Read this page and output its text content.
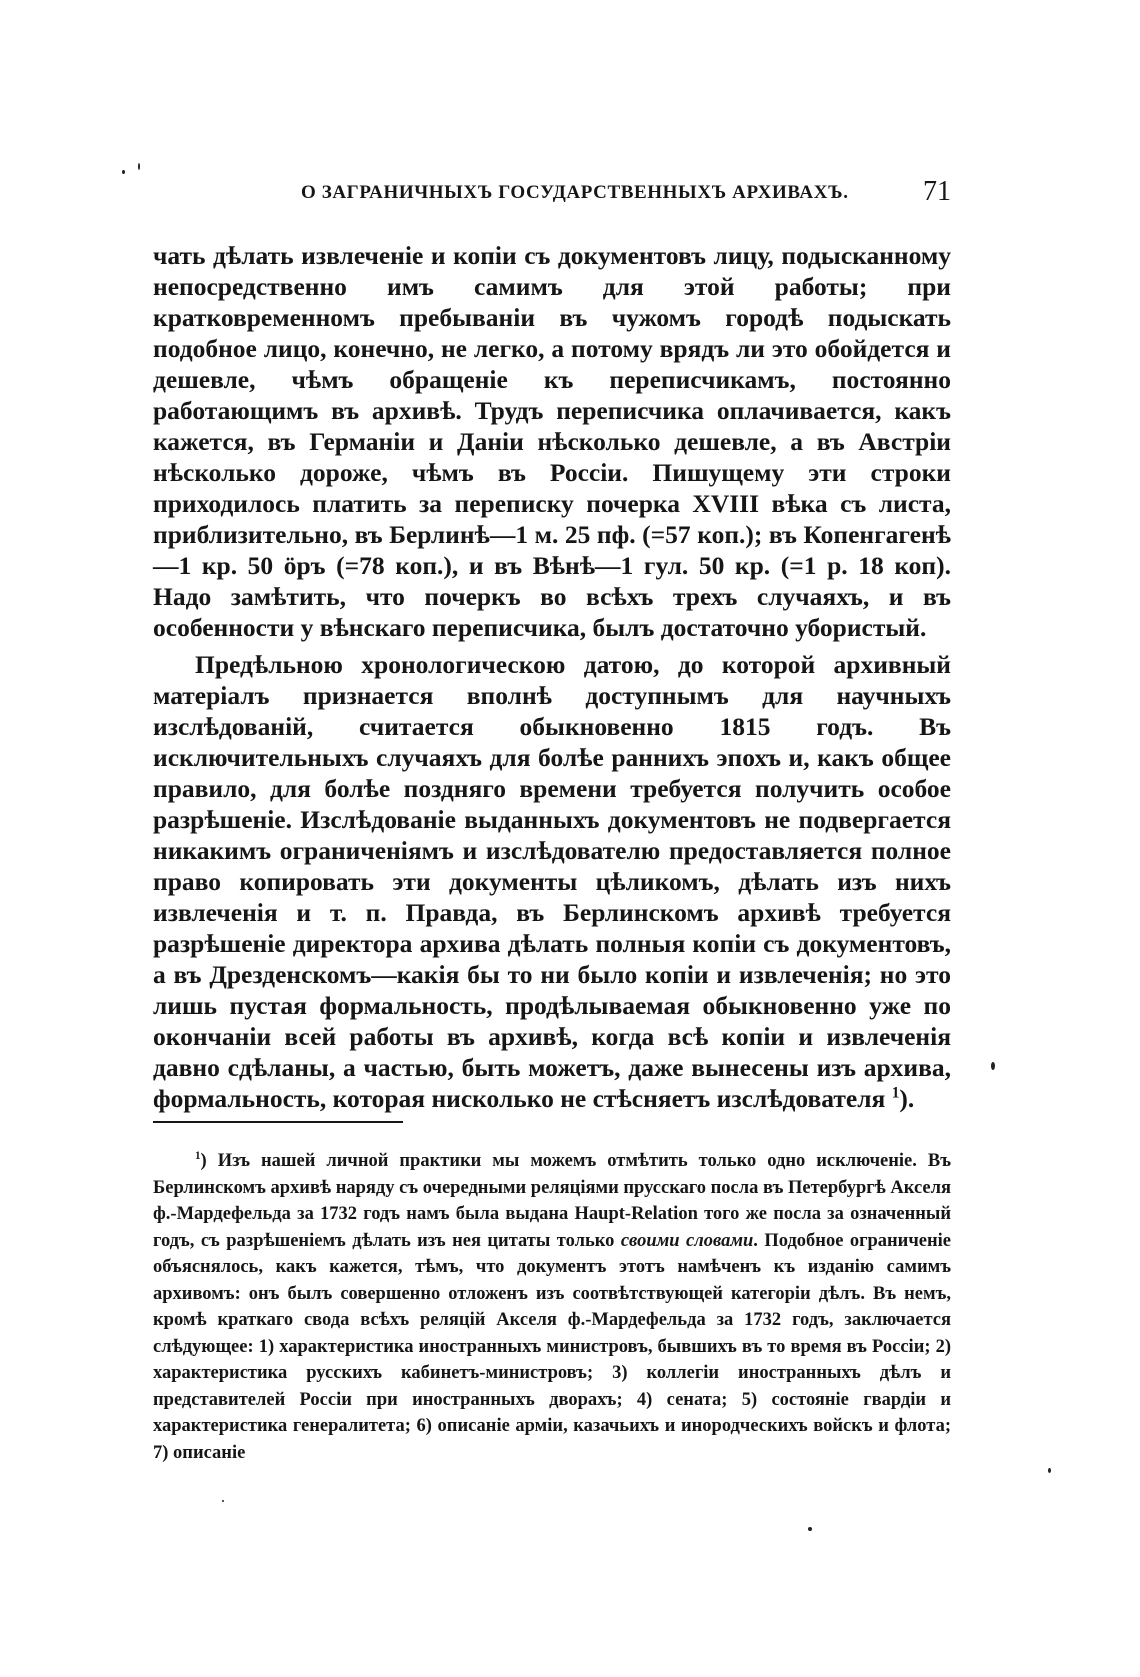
О ЗАГРАНИЧНЫХЪ ГОСУДАРСТВЕННЫХЪ АРХИВАХЪ.	71

чать дѣлать извлеченіе и копіи съ документовъ лицу, подысканному непосредственно имъ самимъ для этой работы; при кратковременномъ пребываніи въ чужомъ городѣ подыскать подобное лицо, конечно, не легко, а потому врядъ ли это обойдется и дешевле, чѣмъ обращеніе къ переписчикамъ, постоянно работающимъ въ архивѣ. Трудъ переписчика оплачивается, какъ кажется, въ Германіи и Даніи нѣсколько дешевле, а въ Австріи нѣсколько дороже, чѣмъ въ Россіи. Пишущему эти строки приходилось платить за переписку почерка XVIII вѣка съ листа, приблизительно, въ Берлинѣ—1 м. 25 пф. (=57 коп.); въ Копенгагенѣ—1 кр. 50 öръ (=78 коп.), и въ Вѣнѣ—1 гул. 50 кр. (=1 р. 18 коп). Надо замѣтить, что почеркъ во всѣхъ трехъ случаяхъ, и въ особенности у вѣнскаго переписчика, былъ достаточно убористый.

Предѣльною хронологическою датою, до которой архивный матеріалъ признается вполнѣ доступнымъ для научныхъ изслѣдованій, считается обыкновенно 1815 годъ. Въ исключительныхъ случаяхъ для болѣе раннихъ эпохъ и, какъ общее правило, для болѣе поздняго времени требуется получить особое разрѣшеніе. Изслѣдованіе выданныхъ документовъ не подвергается никакимъ ограниченіямъ и изслѣдователю предоставляется полное право копировать эти документы цѣликомъ, дѣлать изъ нихъ извлеченія и т. п. Правда, въ Берлинскомъ архивѣ требуется разрѣшеніе директора архива дѣлать полныя копіи съ документовъ, а въ Дрезденскомъ—какія бы то ни было копіи и извлеченія; но это лишь пустая формальность, продѣлываемая обыкновенно уже по окончаніи всей работы въ архивѣ, когда всѣ копіи и извлеченія давно сдѣланы, а частью, быть можетъ, даже вынесены изъ архива, формальность, которая нисколько не стѣсняетъ изслѣдователя $^1$).

$^1$) Изъ нашей личной практики мы можемъ отмѣтить только одно исключеніе. Въ Берлинскомъ архивѣ наряду съ очередными реляціями прусскаго посла въ Петербургѣ Акселя ф.-Мардефельда за 1732 годъ намъ была выдана Haupt-Relation того же посла за означенный годъ, съ разрѣшеніемъ дѣлать изъ нея цитаты только своими словами. Подобное ограниченіе объяснялось, какъ кажется, тѣмъ, что документъ этотъ намѣченъ къ изданію самимъ архивомъ: онъ былъ совершенно отложенъ изъ соотвѣтствующей категоріи дѣлъ. Въ немъ, кромѣ краткаго свода всѣхъ реляцій Акселя ф.-Мардефельда за 1732 годъ, заключается слѣдующее: 1) характеристика иностранныхъ министровъ, бывшихъ въ то время въ Россіи; 2) характеристика русскихъ кабинетъ-министровъ; 3) коллегіи иностранныхъ дѣлъ и представителей Россіи при иностранныхъ дворахъ; 4) сената; 5) состояніе гвардіи и характеристика генералитета; 6) описаніе арміи, казачьихъ и инородческихъ войскъ и флота; 7) описаніе
